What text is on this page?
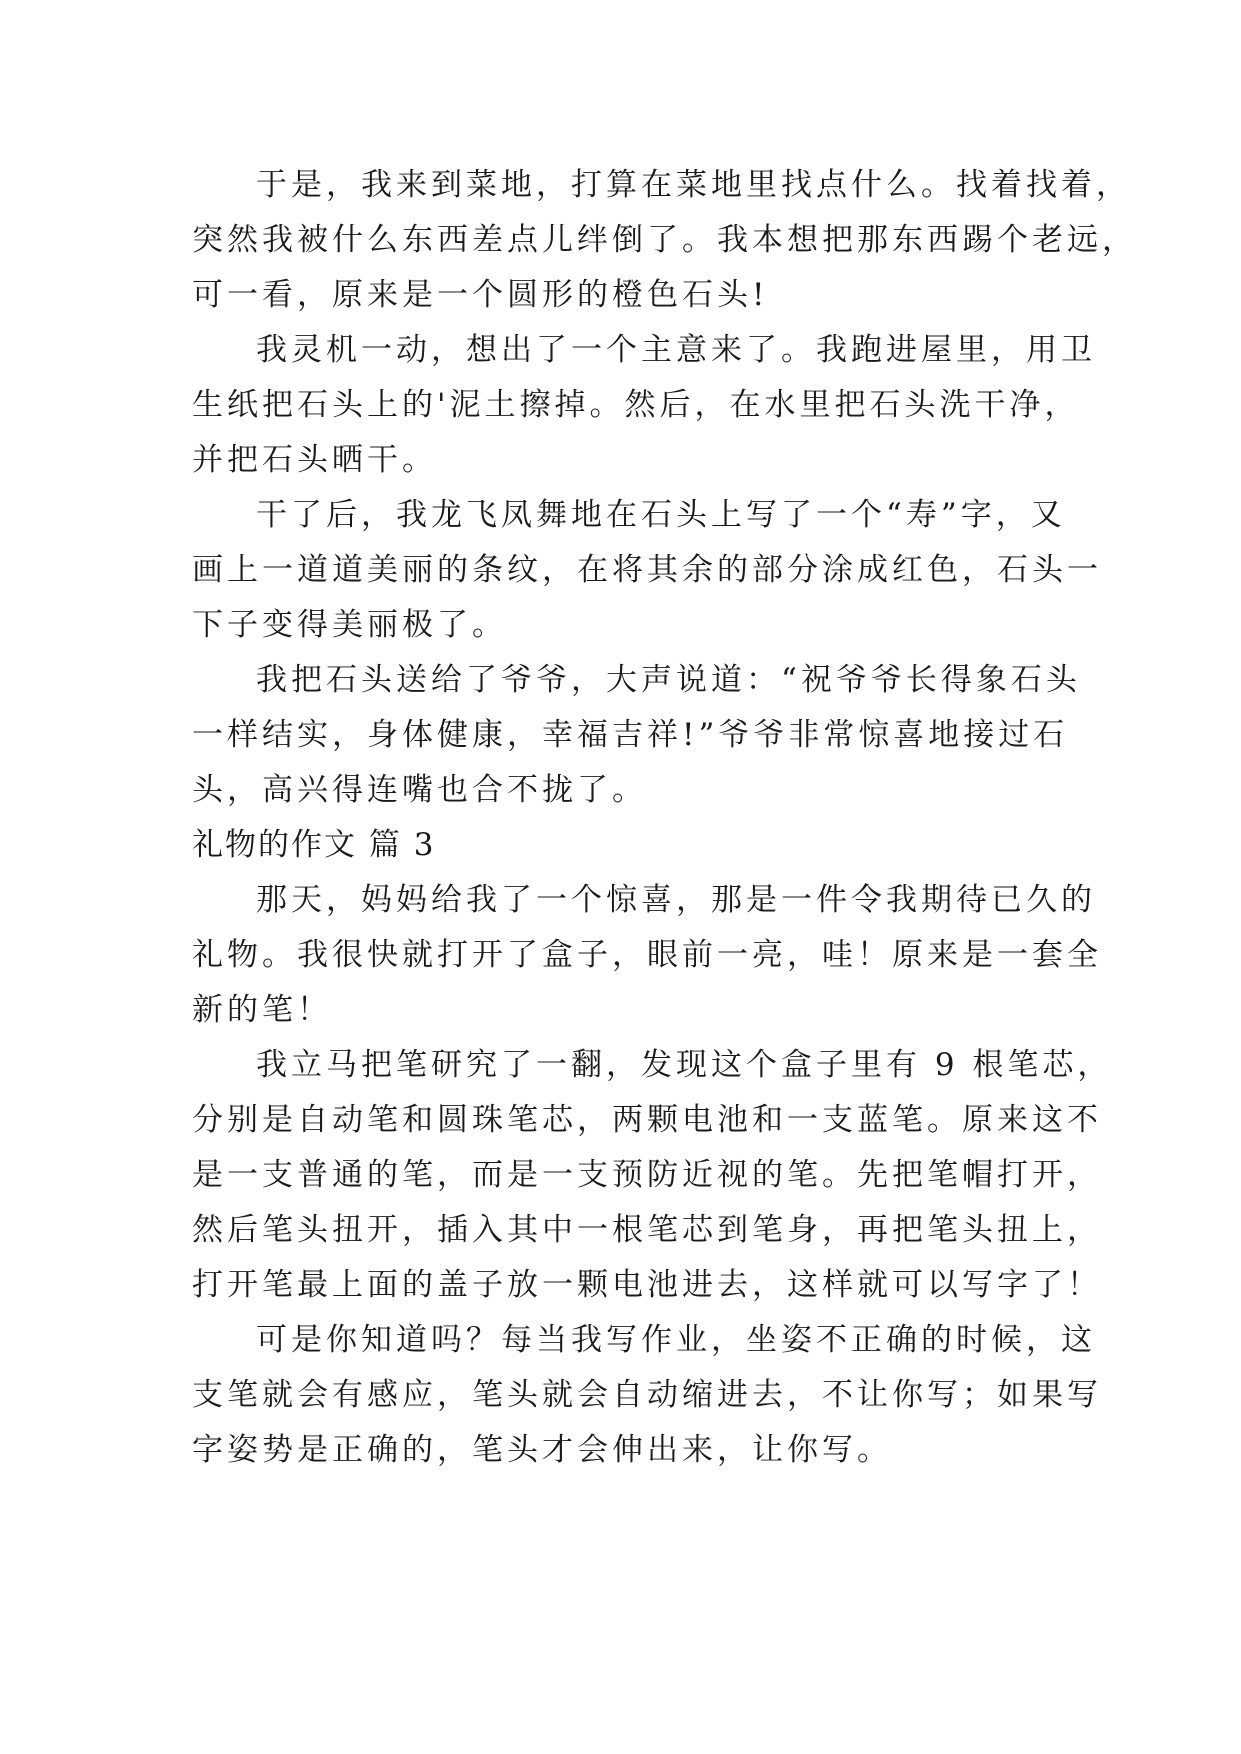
于是，我来到菜地，打算在菜地里找点什么。找着找着，
突然我被什么东西差点儿绊倒了。我本想把那东西踢个老远，
可一看，原来是一个圆形的橙色石头!
我灵机一动，想出了一个主意来了。我跑进屋里，用卫
生纸把石头上的'泥土擦掉。然后，在水里把石头洗干净，
并把石头晒干。
干了后，我龙飞凤舞地在石头上写了一个“寿”字，又
画上一道道美丽的条纹，在将其余的部分涂成红色，石头一
下子变得美丽极了。
我把石头送给了爷爷，大声说道：“祝爷爷长得象石头
一样结实，身体健康，幸福吉祥!”爷爷非常惊喜地接过石
头，高兴得连嘴也合不拢了。
礼物的作文 篇 3
那天，妈妈给我了一个惊喜，那是一件令我期待已久的
礼物。我很快就打开了盒子，眼前一亮，哇！原来是一套全
新的笔！
我立马把笔研究了一翻，发现这个盒子里有 9 根笔芯，
分别是自动笔和圆珠笔芯，两颗电池和一支蓝笔。原来这不
是一支普通的笔，而是一支预防近视的笔。先把笔帽打开，
然后笔头扭开，插入其中一根笔芯到笔身，再把笔头扭上，
打开笔最上面的盖子放一颗电池进去，这样就可以写字了！
可是你知道吗？每当我写作业，坐姿不正确的时候，这
支笔就会有感应，笔头就会自动缩进去，不让你写；如果写
字姿势是正确的，笔头才会伸出来，让你写。
